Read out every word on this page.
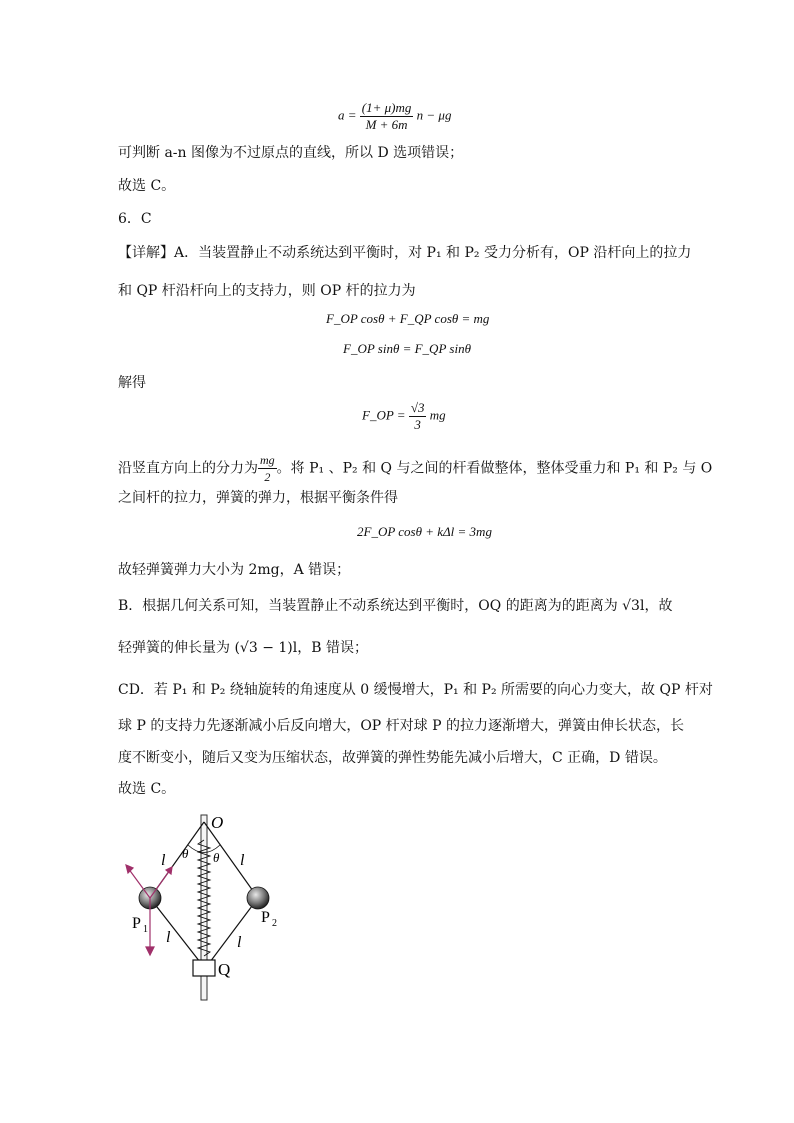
$a = \frac{(1+ \mu)mg}{M + 6m}$ n − μg
可判断 a-n 图像为不过原点的直线，所以 D 选项错误；
故选 C。
6．C
【详解】A．当装置静止不动系统达到平衡时，对 P₁ 和 P₂ 受力分析有，OP 沿杆向上的拉力
和 QP 杆沿杆向上的支持力，则 OP 杆的拉力为
F_OP cosθ + F_QP cosθ = mg
F_OP sinθ = F_QP sinθ
解得
F_OP = $\frac{√3}{3}$ mg
沿竖直方向上的分力为 $\frac{mg}{2}$ 。将 P₁ 、P₂ 和 Q 与之间的杆看做整体，整体受重力和 P₁ 和 P₂ 与 O
之间杆的拉力，弹簧的弹力，根据平衡条件得
2F_OP cosθ + kΔl = 3mg
故轻弹簧弹力大小为 2mg，A 错误；
B．根据几何关系可知，当装置静止不动系统达到平衡时，OQ 的距离为的距离为 √3l，故
轻弹簧的伸长量为 (√3 − 1)l，B 错误；
CD．若 P₁ 和 P₂ 绕轴旋转的角速度从 0 缓慢增大，P₁ 和 P₂ 所需要的向心力变大，故 QP 杆对
球 P 的支持力先逐渐减小后反向增大，OP 杆对球 P 的拉力逐渐增大，弹簧由伸长状态，长
度不断变小，随后又变为压缩状态，故弹簧的弹性势能先减小后增大，C 正确，D 错误。
故选 C。
O
θ θ
l	l
l	l
P 1
P 2
Q
